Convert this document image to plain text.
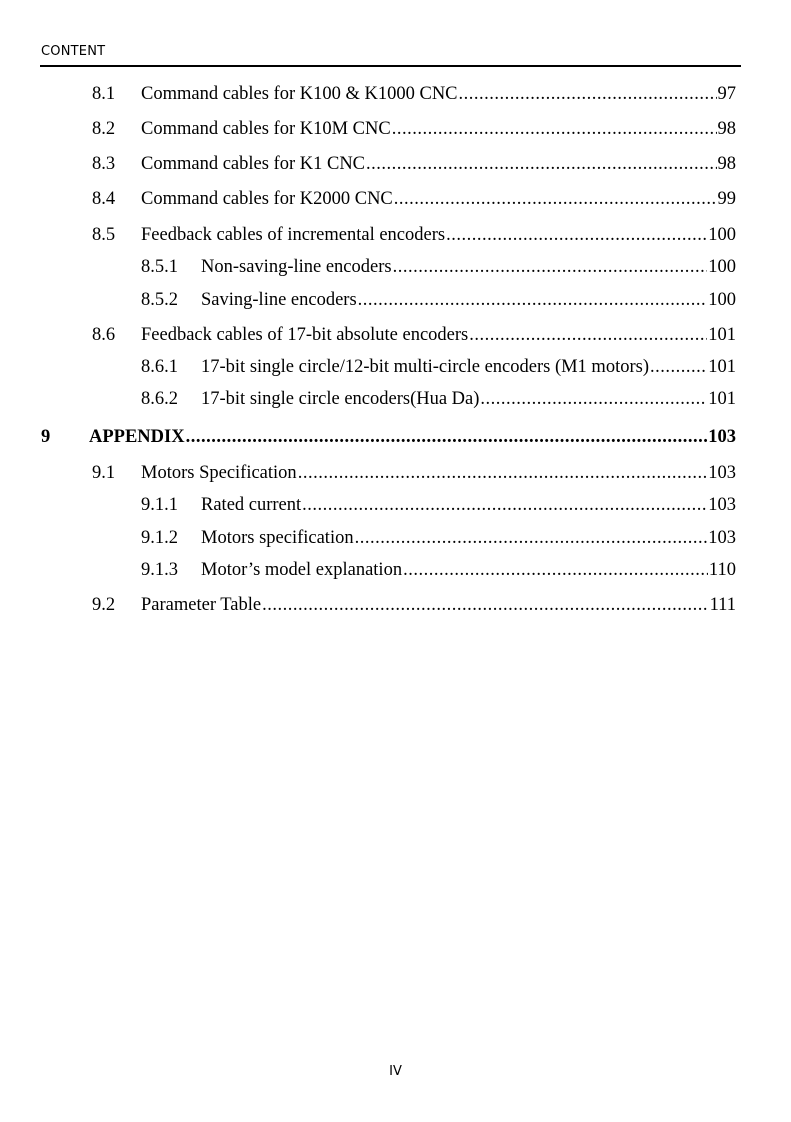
CONTENT
8.1	Command cables for K100 & K1000 CNC .....	97
8.2	Command cables for K10M CNC .....	98
8.3	Command cables for K1 CNC .....	98
8.4	Command cables for K2000 CNC .....	99
8.5	Feedback cables of incremental encoders .....	100
8.5.1	Non-saving-line encoders .....	100
8.5.2	Saving-line encoders .....	100
8.6	Feedback cables of 17-bit absolute encoders .....	101
8.6.1	17-bit single circle/12-bit multi-circle encoders (M1 motors) .....	101
8.6.2	17-bit single circle encoders(Hua Da) .....	101
9	APPENDIX .....	103
9.1	Motors Specification .....	103
9.1.1	Rated current .....	103
9.1.2	Motors specification .....	103
9.1.3	Motor’s model explanation .....	110
9.2	Parameter Table .....	111
IV
